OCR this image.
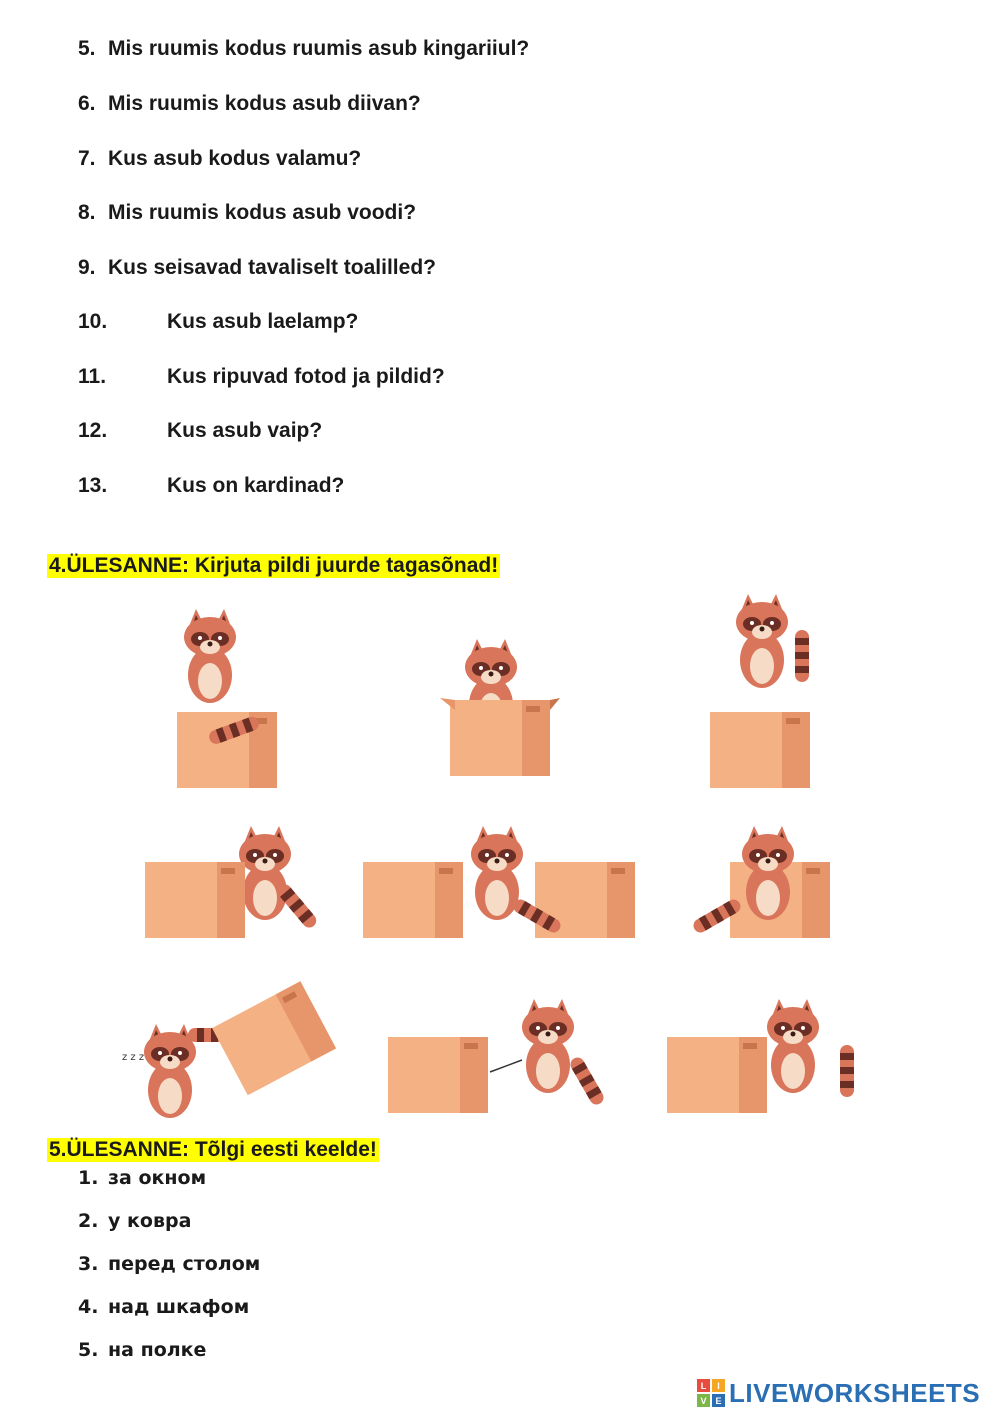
5. Mis ruumis kodus ruumis asub kingariiul?
6. Mis ruumis kodus asub diivan?
7. Kus asub kodus valamu?
8. Mis ruumis kodus asub voodi?
9. Kus seisavad tavaliselt toalilled?
10.	Kus asub laelamp?
11.	Kus ripuvad fotod ja pildid?
12.	Kus asub vaip?
13.	Kus on kardinad?
4.ÜLESANNE: Kirjuta pildi juurde tagasõnad!
z z z
5.ÜLESANNE: Tõlgi eesti keelde!
1. за окном
2. у ковра
3. перед столом
4. над шкафом
5. на полке
L	I
V E LIVEWORKSHEETS
